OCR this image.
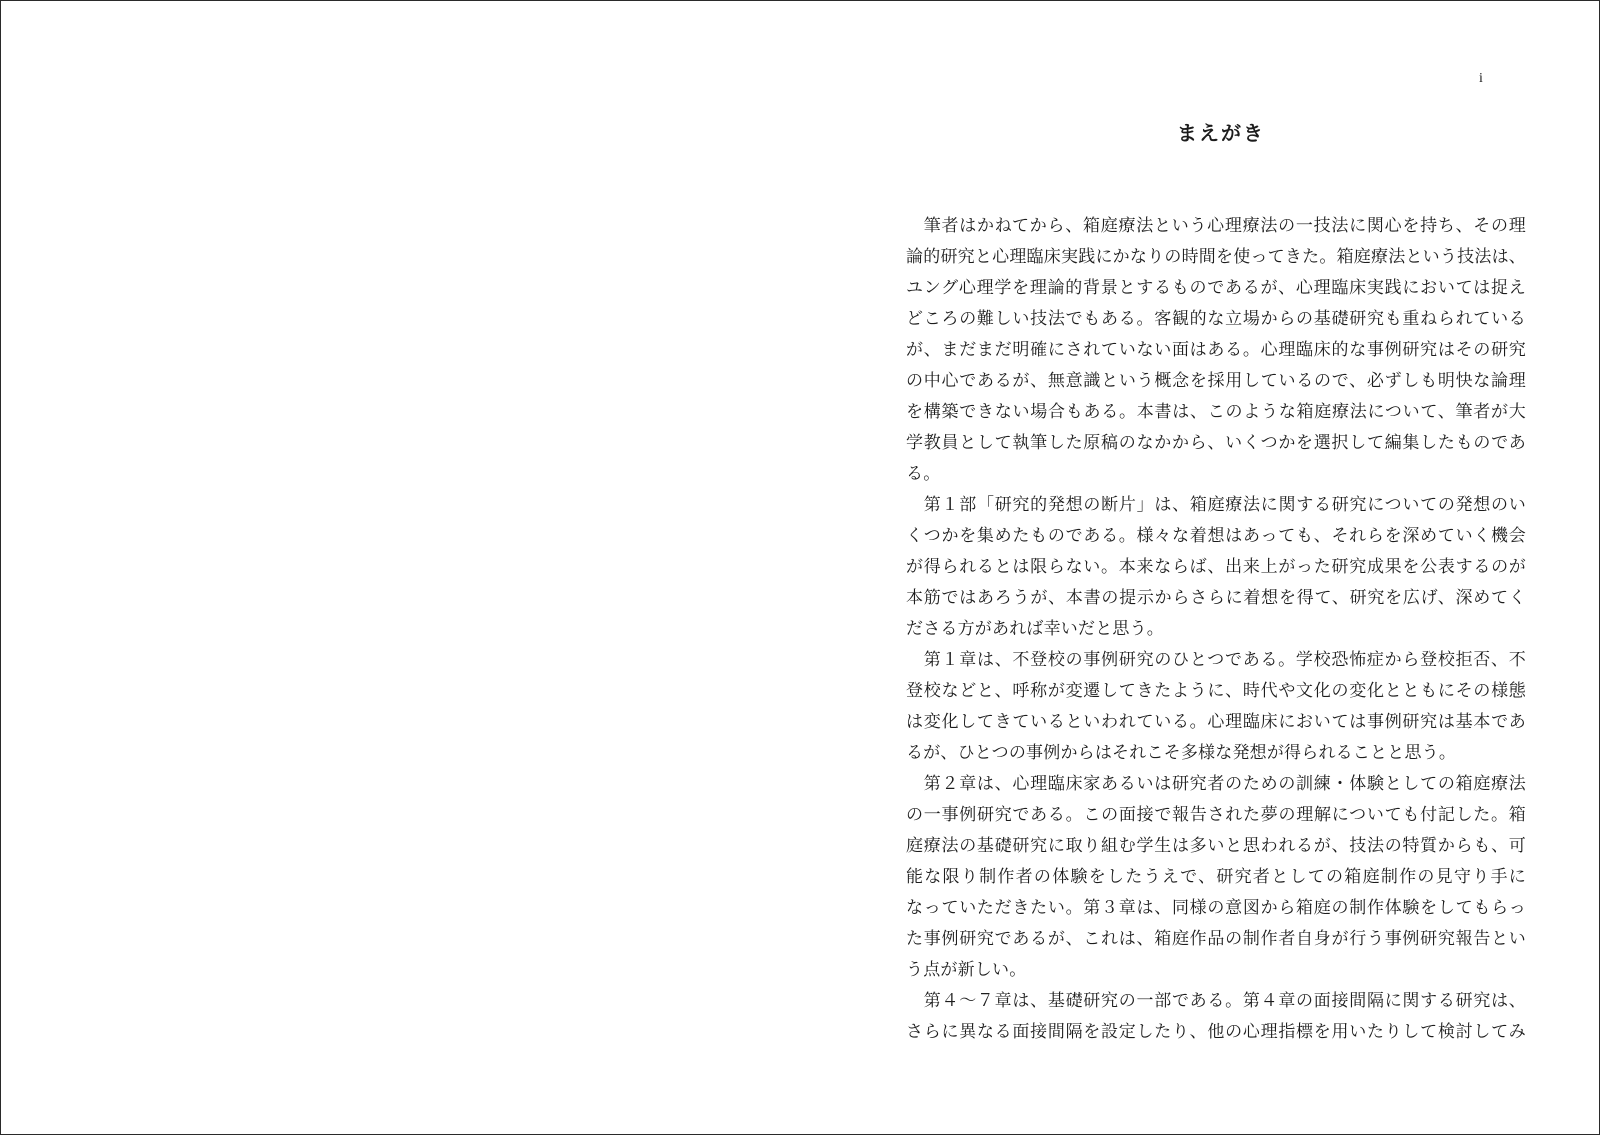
i
まえがき
　筆者はかねてから、箱庭療法という心理療法の一技法に関心を持ち、その理
論的研究と心理臨床実践にかなりの時間を使ってきた。箱庭療法という技法は、
ユング心理学を理論的背景とするものであるが、心理臨床実践においては捉え
どころの難しい技法でもある。客観的な立場からの基礎研究も重ねられている
が、まだまだ明確にされていない面はある。心理臨床的な事例研究はその研究
の中心であるが、無意識という概念を採用しているので、必ずしも明快な論理
を構築できない場合もある。本書は、このような箱庭療法について、筆者が大
学教員として執筆した原稿のなかから、いくつかを選択して編集したものであ
る。
　第１部「研究的発想の断片」は、箱庭療法に関する研究についての発想のい
くつかを集めたものである。様々な着想はあっても、それらを深めていく機会
が得られるとは限らない。本来ならば、出来上がった研究成果を公表するのが
本筋ではあろうが、本書の提示からさらに着想を得て、研究を広げ、深めてく
ださる方があれば幸いだと思う。
　第１章は、不登校の事例研究のひとつである。学校恐怖症から登校拒否、不
登校などと、呼称が変遷してきたように、時代や文化の変化とともにその様態
は変化してきているといわれている。心理臨床においては事例研究は基本であ
るが、ひとつの事例からはそれこそ多様な発想が得られることと思う。
　第２章は、心理臨床家あるいは研究者のための訓練・体験としての箱庭療法
の一事例研究である。この面接で報告された夢の理解についても付記した。箱
庭療法の基礎研究に取り組む学生は多いと思われるが、技法の特質からも、可
能な限り制作者の体験をしたうえで、研究者としての箱庭制作の見守り手に
なっていただきたい。第３章は、同様の意図から箱庭の制作体験をしてもらっ
た事例研究であるが、これは、箱庭作品の制作者自身が行う事例研究報告とい
う点が新しい。
　第４～７章は、基礎研究の一部である。第４章の面接間隔に関する研究は、
さらに異なる面接間隔を設定したり、他の心理指標を用いたりして検討してみ
